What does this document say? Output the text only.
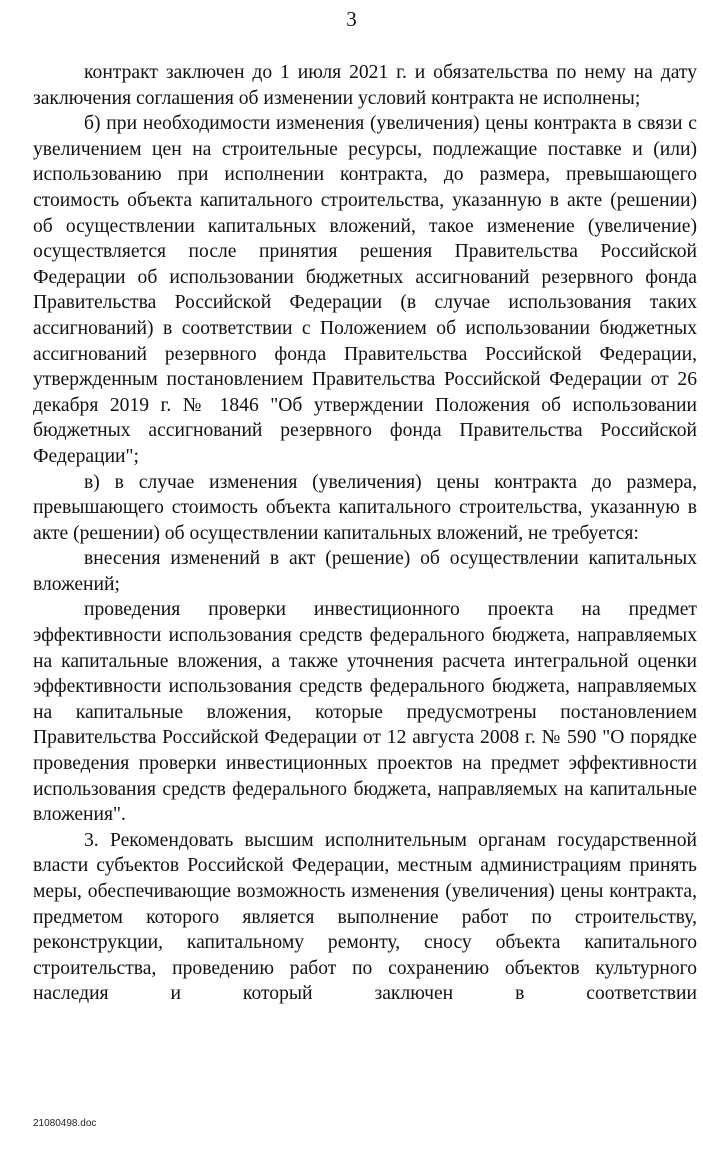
3

контракт заключен до 1 июля 2021 г. и обязательства по нему на дату заключения соглашения об изменении условий контракта не исполнены;

б) при необходимости изменения (увеличения) цены контракта в связи с увеличением цен на строительные ресурсы, подлежащие поставке и (или) использованию при исполнении контракта, до размера, превышающего стоимость объекта капитального строительства, указанную в акте (решении) об осуществлении капитальных вложений, такое изменение (увеличение) осуществляется после принятия решения Правительства Российской Федерации об использовании бюджетных ассигнований резервного фонда Правительства Российской Федерации (в случае использования таких ассигнований) в соответствии с Положением об использовании бюджетных ассигнований резервного фонда Правительства Российской Федерации, утвержденным постановлением Правительства Российской Федерации от 26 декабря 2019 г. № 1846 "Об утверждении Положения об использовании бюджетных ассигнований резервного фонда Правительства Российской Федерации";

в) в случае изменения (увеличения) цены контракта до размера, превышающего стоимость объекта капитального строительства, указанную в акте (решении) об осуществлении капитальных вложений, не требуется:

внесения изменений в акт (решение) об осуществлении капитальных вложений;

проведения проверки инвестиционного проекта на предмет эффективности использования средств федерального бюджета, направляемых на капитальные вложения, а также уточнения расчета интегральной оценки эффективности использования средств федерального бюджета, направляемых на капитальные вложения, которые предусмотрены постановлением Правительства Российской Федерации от 12 августа 2008 г. № 590 "О порядке проведения проверки инвестиционных проектов на предмет эффективности использования средств федерального бюджета, направляемых на капитальные вложения".

3. Рекомендовать высшим исполнительным органам государственной власти субъектов Российской Федерации, местным администрациям принять меры, обеспечивающие возможность изменения (увеличения) цены контракта, предметом которого является выполнение работ по строительству, реконструкции, капитальному ремонту, сносу объекта капитального строительства, проведению работ по сохранению объектов культурного наследия и который заключен в соответствии

21080498.doc
